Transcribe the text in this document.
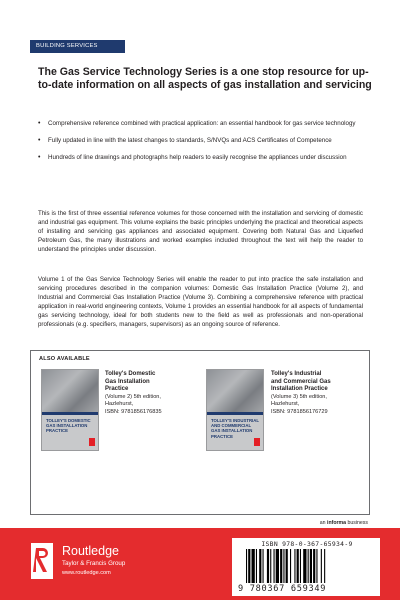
BUILDING SERVICES
The Gas Service Technology Series is a one stop resource for up-to-date information on all aspects of gas installation and servicing
• Comprehensive reference combined with practical application: an essential handbook for gas service technology
• Fully updated in line with the latest changes to standards, S/NVQs and ACS Certificates of Competence
• Hundreds of line drawings and photographs help readers to easily recognise the appliances under discussion

This is the first of three essential reference volumes for those concerned with the installation and servicing of domestic and industrial gas equipment. This volume explains the basic principles underlying the practical and theoretical aspects of installing and servicing gas appliances and associated equipment. Covering both Natural Gas and Liquefied Petroleum Gas, the many illustrations and worked examples included throughout the text will help the reader to understand the principles under discussion.

Volume 1 of the Gas Service Technology Series will enable the reader to put into practice the safe installation and servicing procedures described in the companion volumes: Domestic Gas Installation Practice (Volume 2), and Industrial and Commercial Gas Installation Practice (Volume 3). Combining a comprehensive reference with practical application in real-world engineering contexts, Volume 1 provides an essential handbook for all aspects of fundamental gas servicing technology, ideal for both students new to the field as well as professionals and non-operational professionals (e.g. specifiers, managers, supervisors) as an ongoing source of reference.

ALSO AVAILABLE
TOLLEY'S DOMESTIC GAS INSTALLATION PRACTICE
Tolley's Domestic
Gas Installation
Practice
(Volume 2) 5th edition,
Hazlehurst,
ISBN: 9781856176835
TOLLEY'S INDUSTRIAL AND COMMERCIAL GAS INSTALLATION PRACTICE
Tolley's Industrial
and Commercial Gas
Installation Practice
(Volume 3) 5th edition,
Hazlehurst,
ISBN: 9781856176729
an informa business
Routledge
Taylor & Francis Group
www.routledge.com
ISBN 978-0-367-65934-9
9 780367 659349
